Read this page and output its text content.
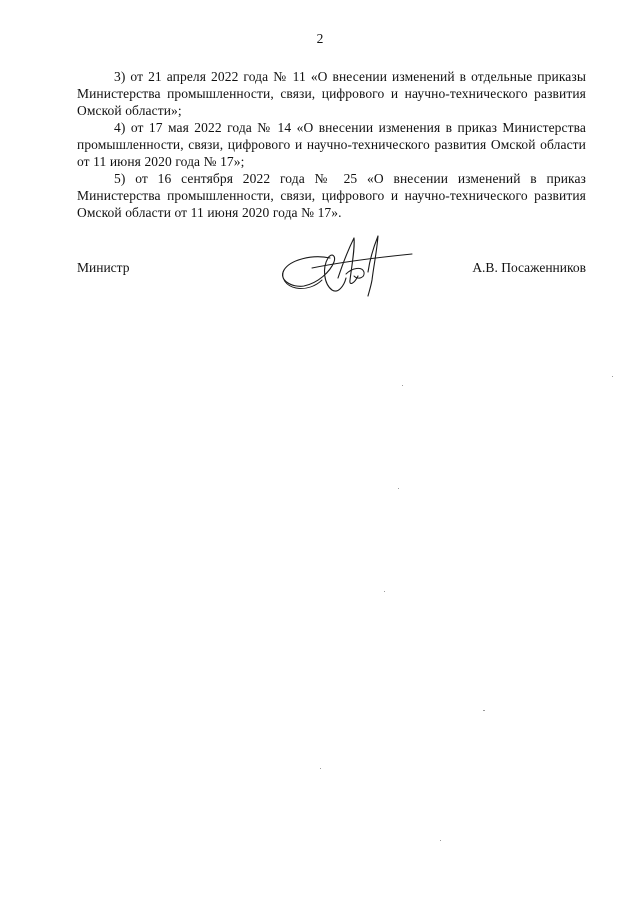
2

3) от 21 апреля 2022 года № 11 «О внесении изменений в отдельные приказы Министерства промышленности, связи, цифрового и научно-технического развития Омской области»;

4) от 17 мая 2022 года № 14 «О внесении изменения в приказ Министерства промышленности, связи, цифрового и научно-технического развития Омской области от 11 июня 2020 года № 17»;

5) от 16 сентября 2022 года № 25 «О внесении изменений в приказ Министерства промышленности, связи, цифрового и научно-технического развития Омской области от 11 июня 2020 года № 17».

Министр	А.В. Посаженников
